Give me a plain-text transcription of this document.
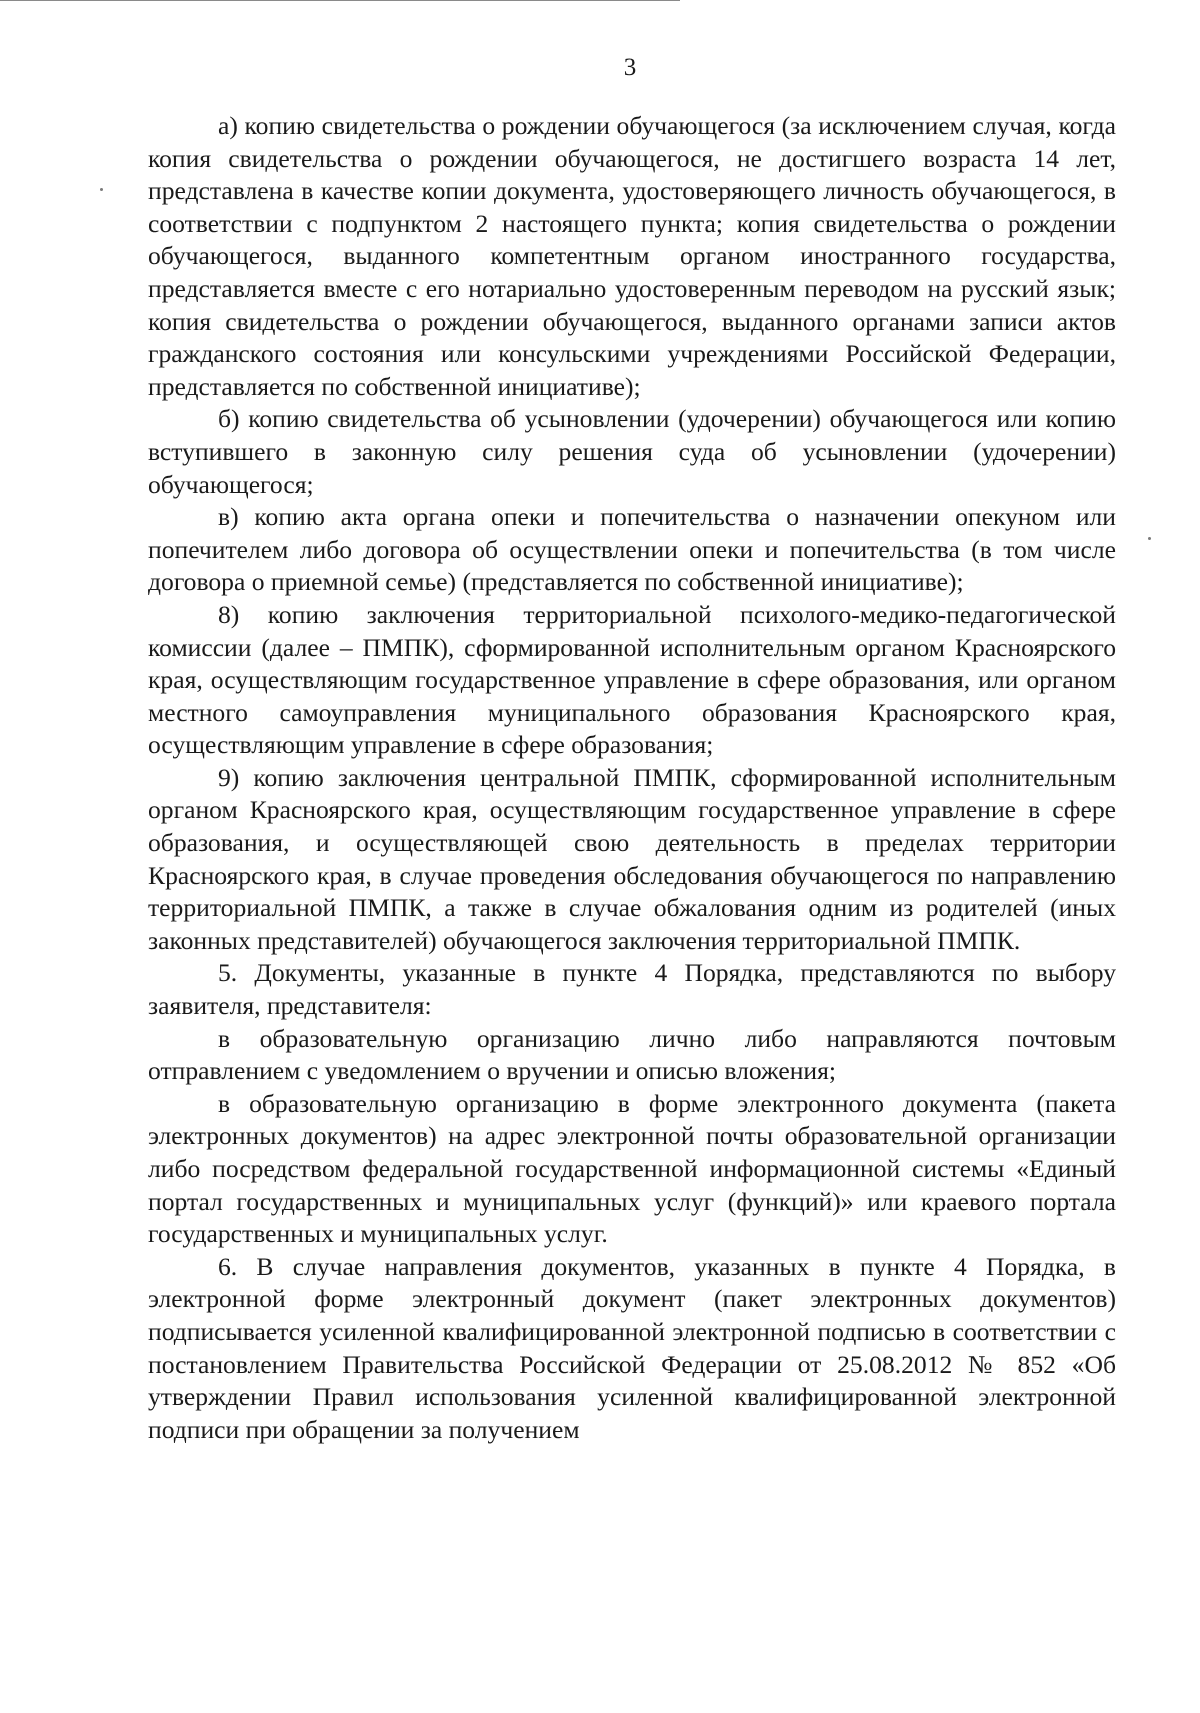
3

а) копию свидетельства о рождении обучающегося (за исключением случая, когда копия свидетельства о рождении обучающегося, не достигшего возраста 14 лет, представлена в качестве копии документа, удостоверяющего личность обучающегося, в соответствии с подпунктом 2 настоящего пункта; копия свидетельства о рождении обучающегося, выданного компетентным органом иностранного государства, представляется вместе с его нотариально удостоверенным переводом на русский язык; копия свидетельства о рождении обучающегося, выданного органами записи актов гражданского состояния или консульскими учреждениями Российской Федерации, представляется по собственной инициативе);

б) копию свидетельства об усыновлении (удочерении) обучающегося или копию вступившего в законную силу решения суда об усыновлении (удочерении) обучающегося;

в) копию акта органа опеки и попечительства о назначении опекуном или попечителем либо договора об осуществлении опеки и попечительства (в том числе договора о приемной семье) (представляется по собственной инициативе);

8) копию заключения территориальной психолого-медико-педагогической комиссии (далее – ПМПК), сформированной исполнительным органом Красноярского края, осуществляющим государственное управление в сфере образования, или органом местного самоуправления муниципального образования Красноярского края, осуществляющим управление в сфере образования;

9) копию заключения центральной ПМПК, сформированной исполнительным органом Красноярского края, осуществляющим государственное управление в сфере образования, и осуществляющей свою деятельность в пределах территории Красноярского края, в случае проведения обследования обучающегося по направлению территориальной ПМПК, а также в случае обжалования одним из родителей (иных законных представителей) обучающегося заключения территориальной ПМПК.

5. Документы, указанные в пункте 4 Порядка, представляются по выбору заявителя, представителя:

в образовательную организацию лично либо направляются почтовым отправлением с уведомлением о вручении и описью вложения;

в образовательную организацию в форме электронного документа (пакета электронных документов) на адрес электронной почты образовательной организации либо посредством федеральной государственной информационной системы «Единый портал государственных и муниципальных услуг (функций)» или краевого портала государственных и муниципальных услуг.

6. В случае направления документов, указанных в пункте 4 Порядка, в электронной форме электронный документ (пакет электронных документов) подписывается усиленной квалифицированной электронной подписью в соответствии с постановлением Правительства Российской Федерации от 25.08.2012 № 852 «Об утверждении Правил использования усиленной квалифицированной электронной подписи при обращении за получением
